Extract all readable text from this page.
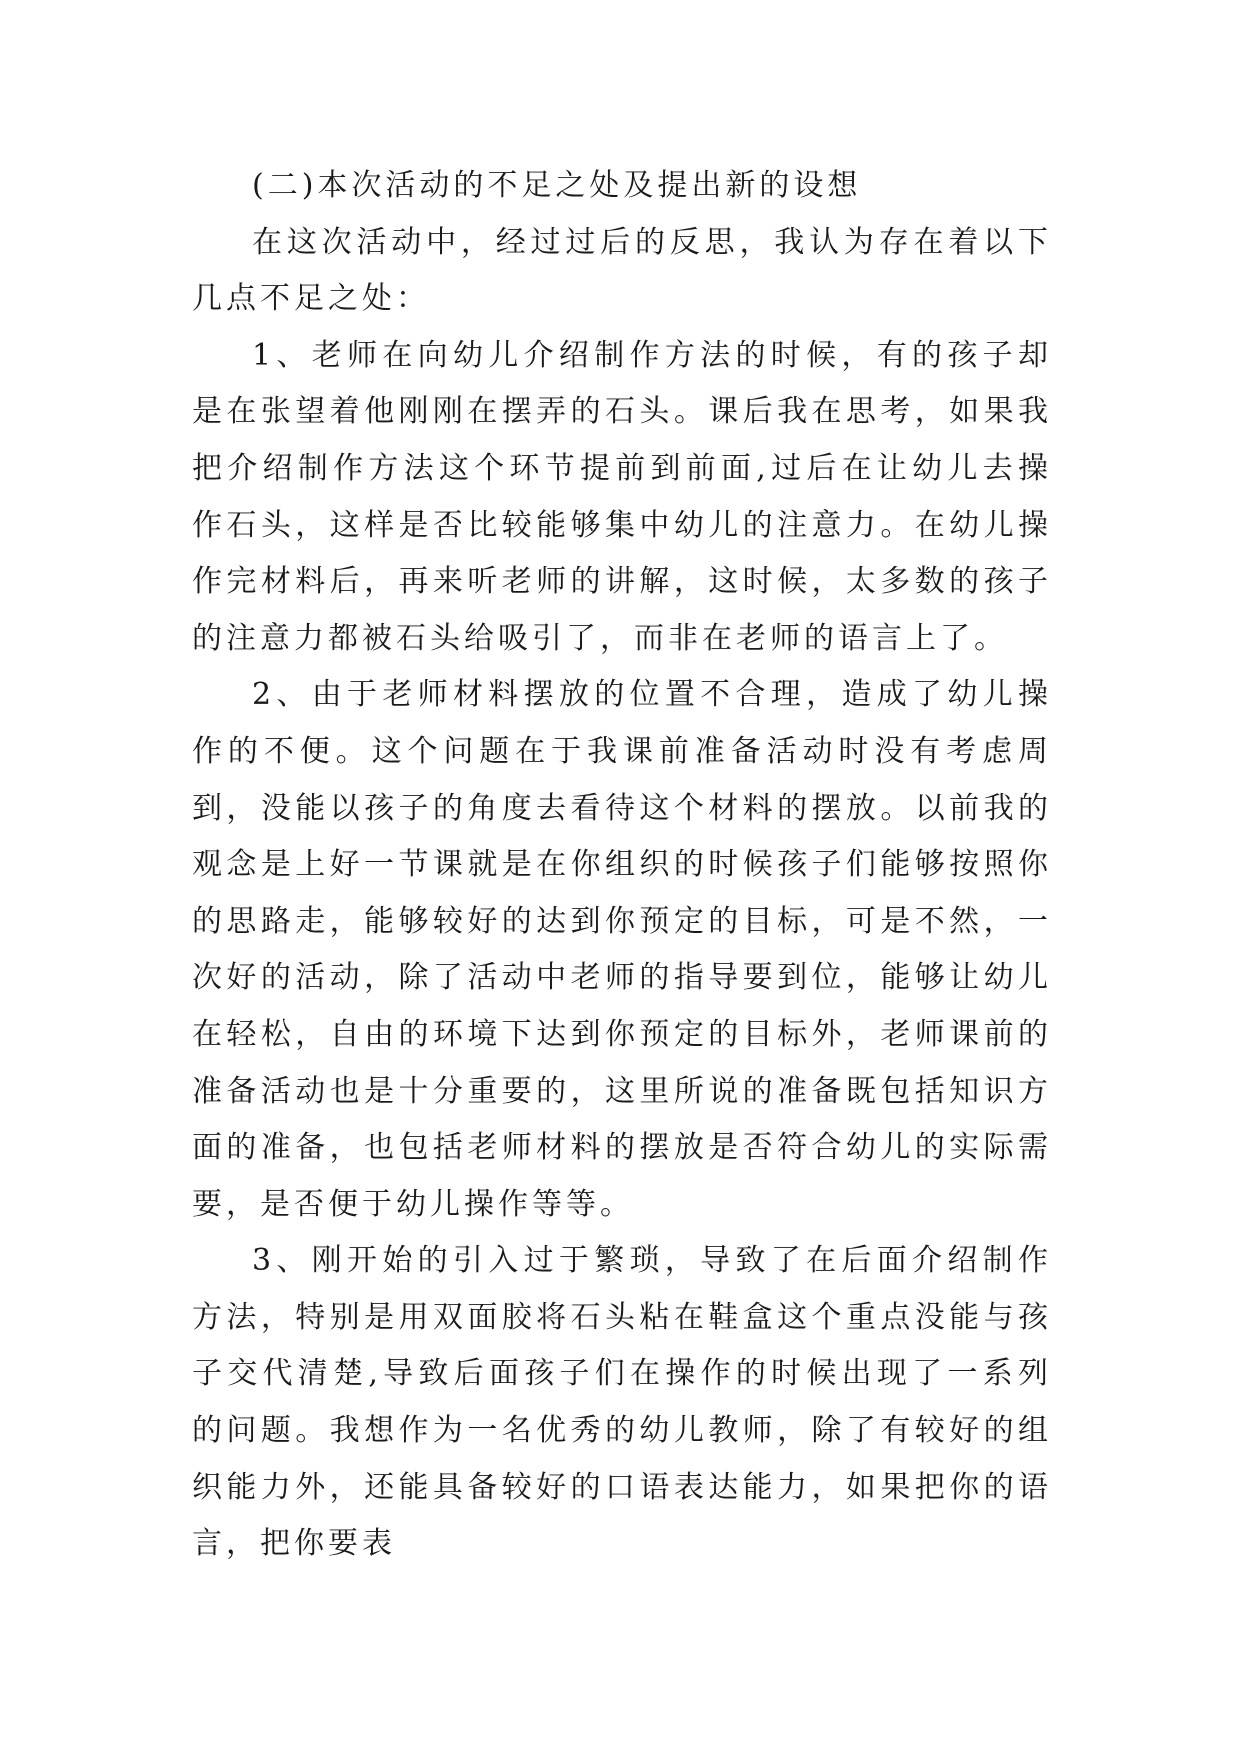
(二)本次活动的不足之处及提出新的设想

在这次活动中，经过过后的反思，我认为存在着以下几点不足之处：

1、老师在向幼儿介绍制作方法的时候，有的孩子却是在张望着他刚刚在摆弄的石头。课后我在思考，如果我把介绍制作方法这个环节提前到前面,过后在让幼儿去操作石头，这样是否比较能够集中幼儿的注意力。在幼儿操作完材料后，再来听老师的讲解，这时候，太多数的孩子的注意力都被石头给吸引了，而非在老师的语言上了。

2、由于老师材料摆放的位置不合理，造成了幼儿操作的不便。这个问题在于我课前准备活动时没有考虑周到，没能以孩子的角度去看待这个材料的摆放。以前我的观念是上好一节课就是在你组织的时候孩子们能够按照你的思路走，能够较好的达到你预定的目标，可是不然，一次好的活动，除了活动中老师的指导要到位，能够让幼儿在轻松，自由的环境下达到你预定的目标外，老师课前的准备活动也是十分重要的，这里所说的准备既包括知识方面的准备，也包括老师材料的摆放是否符合幼儿的实际需要，是否便于幼儿操作等等。

3、刚开始的引入过于繁琐，导致了在后面介绍制作方法，特别是用双面胶将石头粘在鞋盒这个重点没能与孩子交代清楚,导致后面孩子们在操作的时候出现了一系列的问题。我想作为一名优秀的幼儿教师，除了有较好的组织能力外，还能具备较好的口语表达能力，如果把你的语言，把你要表
